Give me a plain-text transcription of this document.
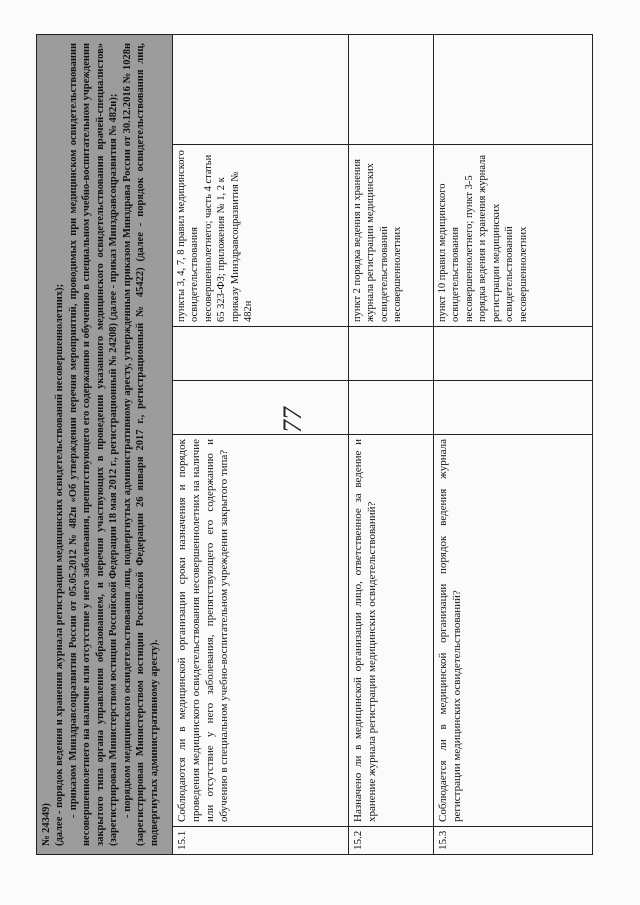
77

№ 24349) (далее - порядок ведения и хранения журнала регистрации медицинских освидетельствований несовершеннолетних); - приказом Минздравсоцразвития России от 05.05.2012 № 482н «Об утверждении перечня мероприятий, проводимых при медицинском освидетельствовании несовершеннолетнего на наличие или отсутствие у него заболевания, препятствующего его содержанию и обучению в специальном учебно-воспитательном учреждении закрытого типа органа управления образованием, и перечня участвующих в проведении указанного медицинского освидетельствования врачей-специалистов» (зарегистрирован Министерством юстиции Российской Федерации 18 мая 2012 г., регистрационный № 24208) (далее - приказ Минздравсоцразвития № 482н); - порядком медицинского освидетельствования лиц, подвергнутых административному аресту, утвержденным приказом Минздрава России от 30.12.2016 № 1028н (зарегистрирован Министерством юстиции Российской Федерации 26 января 2017 г., регистрационный № 45422) (далее - порядок освидетельствования лиц, подвергнутых административному аресту).					

15.1	Соблюдаются ли в медицинской организации сроки назначения и порядок проведения медицинского освидетельствования несовершеннолетних на наличие или отсутствие у него заболевания, препятствующего его содержанию и обучению в специальном учебно-воспитательном учреждении закрытого типа?			пункты 3, 4, 7, 8 правил медицинского освидетельствования несовершеннолетнего; часть 4 статьи 65 323-ФЗ; приложения № 1, 2 к приказу Минздравсоцразвития № 482н	
15.2	Назначено ли в медицинской организации лицо, ответственное за ведение и хранение журнала регистрации медицинских освидетельствований?			пункт 2 порядка ведения и хранения журнала регистрации медицинских освидетельствований несовершеннолетних	
15.3	Соблюдается ли в медицинской организации порядок ведения журнала регистрации медицинских освидетельствований?			пункт 10 правил медицинского освидетельствования несовершеннолетнего; пункт 3-5 порядка ведения и хранения журнала регистрации медицинских освидетельствований несовершеннолетних	
